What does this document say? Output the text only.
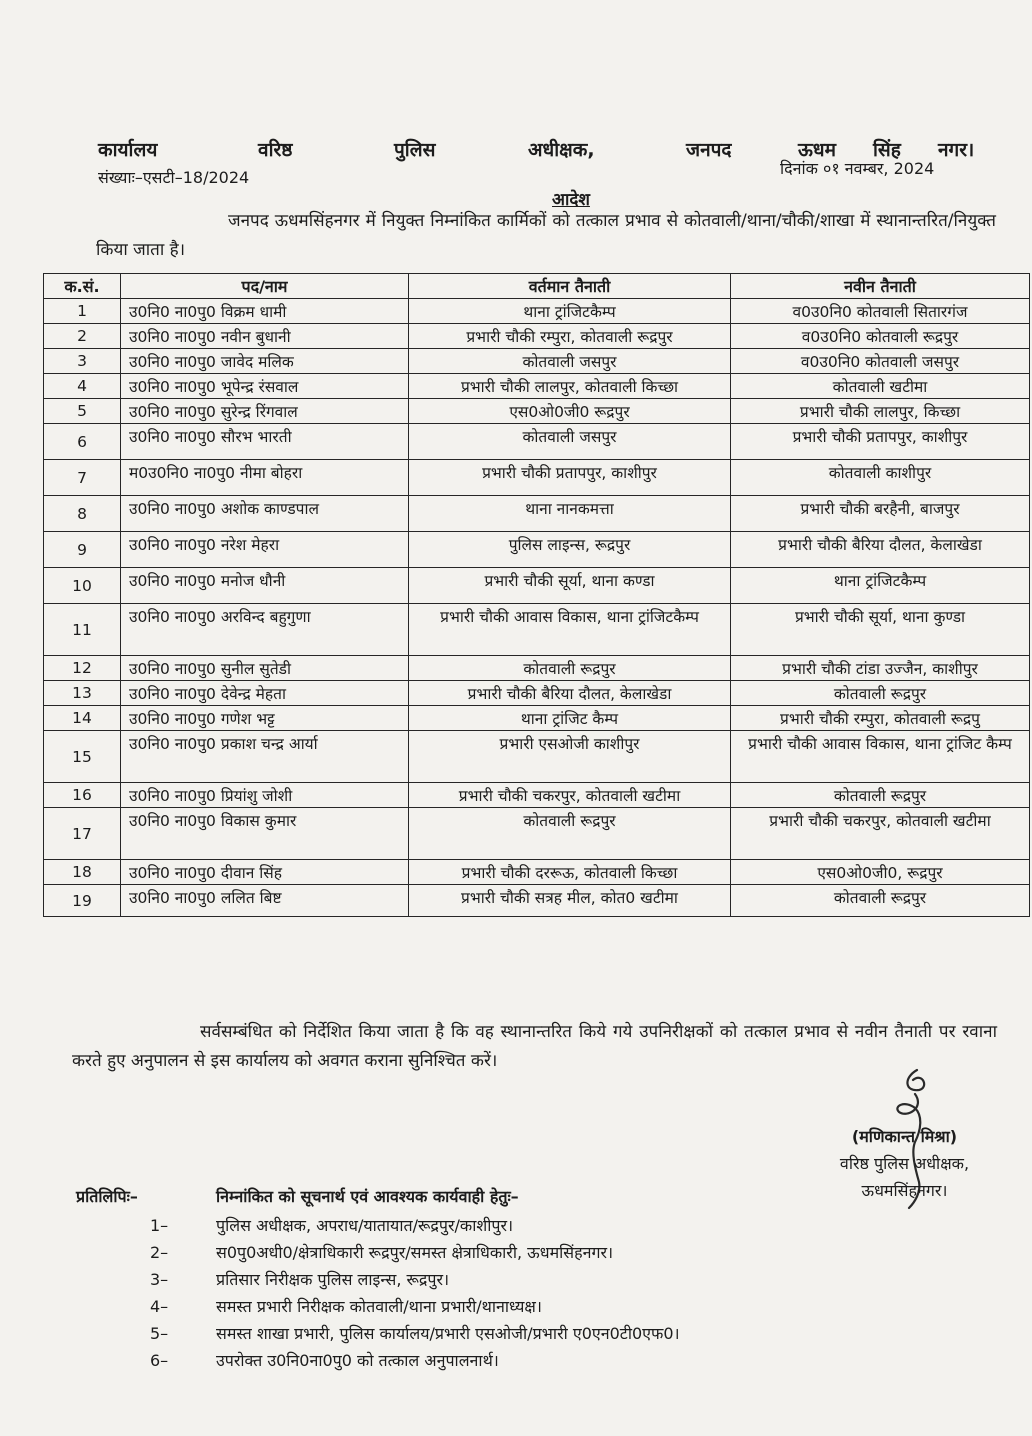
कार्यालय	वरिष्ठ	पुलिस	अधीक्षक,	जनपद	ऊधम सिंह नगर।
संख्याः–एसटी–18/2024	दिनांक ०१ नवम्बर, 2024
आदेश
जनपद ऊधमसिंहनगर में नियुक्त निम्नांकित कार्मिकों को तत्काल प्रभाव से कोतवाली/थाना/चौकी/शाखा में स्थानान्तरित/नियुक्त किया जाता है।
क.सं.	पद/नाम	वर्तमान तैनाती	नवीन तैनाती
1	उ0नि0 ना0पु0 विक्रम धामी	थाना ट्रांजिटकैम्प	व0उ0नि0 कोतवाली सितारगंज
2	उ0नि0 ना0पु0 नवीन बुधानी	प्रभारी चौकी रम्पुरा, कोतवाली रूद्रपुर	व0उ0नि0 कोतवाली रूद्रपुर
3	उ0नि0 ना0पु0 जावेद मलिक	कोतवाली जसपुर	व0उ0नि0 कोतवाली जसपुर
4	उ0नि0 ना0पु0 भूपेन्द्र रंसवाल	प्रभारी चौकी लालपुर, कोतवाली किच्छा	कोतवाली खटीमा
5	उ0नि0 ना0पु0 सुरेन्द्र रिंगवाल	एस0ओ0जी0 रूद्रपुर	प्रभारी चौकी लालपुर, किच्छा
6	उ0नि0 ना0पु0 सौरभ भारती	कोतवाली जसपुर	प्रभारी चौकी प्रतापपुर, काशीपुर
7	म0उ0नि0 ना0पु0 नीमा बोहरा	प्रभारी चौकी प्रतापपुर, काशीपुर	कोतवाली काशीपुर
8	उ0नि0 ना0पु0 अशोक काण्डपाल	थाना नानकमत्ता	प्रभारी चौकी बरहैनी, बाजपुर
9	उ0नि0 ना0पु0 नरेश मेहरा	पुलिस लाइन्स, रूद्रपुर	प्रभारी चौकी बैरिया दौलत, केलाखेडा
10	उ0नि0 ना0पु0 मनोज धौनी	प्रभारी चौकी सूर्या, थाना कण्डा	थाना ट्रांजिटकैम्प
11	उ0नि0 ना0पु0 अरविन्द बहुगुणा	प्रभारी चौकी आवास विकास, थाना ट्रांजिटकैम्प	प्रभारी चौकी सूर्या, थाना कुण्डा
12	उ0नि0 ना0पु0 सुनील सुतेडी	कोतवाली रूद्रपुर	प्रभारी चौकी टांडा उज्जैन, काशीपुर
13	उ0नि0 ना0पु0 देवेन्द्र मेहता	प्रभारी चौकी बैरिया दौलत, केलाखेडा	कोतवाली रूद्रपुर
14	उ0नि0 ना0पु0 गणेश भट्ट	थाना ट्रांजिट कैम्प	प्रभारी चौकी रम्पुरा, कोतवाली रूद्रपु
15	उ0नि0 ना0पु0 प्रकाश चन्द्र आर्या	प्रभारी एसओजी काशीपुर	प्रभारी चौकी आवास विकास, थाना ट्रांजिट कैम्प
16	उ0नि0 ना0पु0 प्रियांशु जोशी	प्रभारी चौकी चकरपुर, कोतवाली खटीमा	कोतवाली रूद्रपुर
17	उ0नि0 ना0पु0 विकास कुमार	कोतवाली रूद्रपुर	प्रभारी चौकी चकरपुर, कोतवाली खटीमा
18	उ0नि0 ना0पु0 दीवान सिंह	प्रभारी चौकी दररूऊ, कोतवाली किच्छा	एस0ओ0जी0, रूद्रपुर
19	उ0नि0 ना0पु0 ललित बिष्ट	प्रभारी चौकी सत्रह मील, कोत0 खटीमा	कोतवाली रूद्रपुर
सर्वसम्बंधित को निर्देशित किया जाता है कि वह स्थानान्तरित किये गये उपनिरीक्षकों को तत्काल प्रभाव से नवीन तैनाती पर रवाना करते हुए अनुपालन से इस कार्यालय को अवगत कराना सुनिश्चित करें।
(मणिकान्त मिश्रा)
वरिष्ठ पुलिस अधीक्षक,
ऊधमसिंहनगर।
प्रतिलिपिः–	निम्नांकित को सूचनार्थ एवं आवश्यक कार्यवाही हेतुः–
1–	पुलिस अधीक्षक, अपराध/यातायात/रूद्रपुर/काशीपुर।
2–	स0पु0अधी0/क्षेत्राधिकारी रूद्रपुर/समस्त क्षेत्राधिकारी, ऊधमसिंहनगर।
3–	प्रतिसार निरीक्षक पुलिस लाइन्स, रूद्रपुर।
4–	समस्त प्रभारी निरीक्षक कोतवाली/थाना प्रभारी/थानाध्यक्ष।
5–	समस्त शाखा प्रभारी, पुलिस कार्यालय/प्रभारी एसओजी/प्रभारी ए0एन0टी0एफ0।
6–	उपरोक्त उ0नि0ना0पु0 को तत्काल अनुपालनार्थ।
